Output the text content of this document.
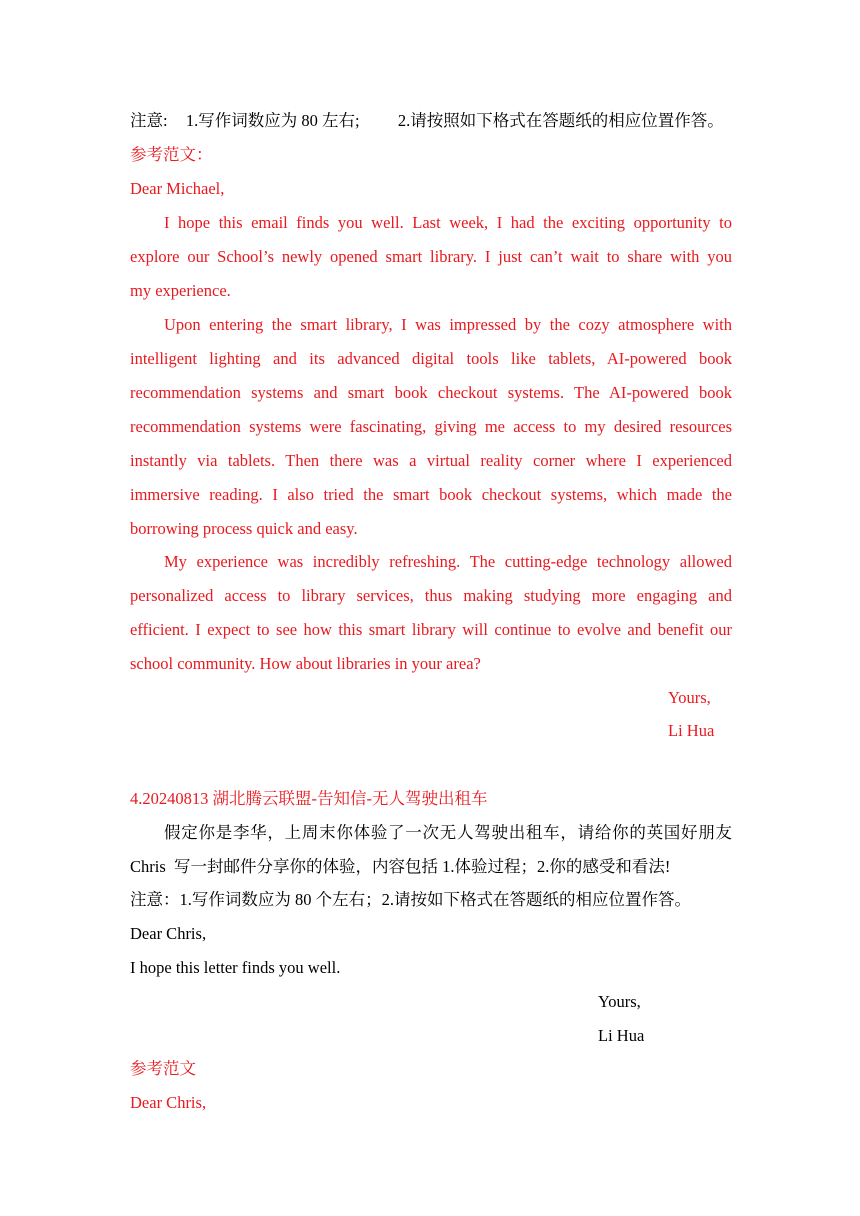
注意: 1.写作词数应为 80 左右; 2.请按照如下格式在答题纸的相应位置作答。
参考范文：
Dear Michael,
I hope this email finds you well. Last week, I had the exciting opportunity to
explore our School’s newly opened smart library. I just can’t wait to share with you
my experience.
Upon entering the smart library, I was impressed by the cozy atmosphere with
intelligent lighting and its advanced digital tools like tablets, AI-powered book
recommendation systems and smart book checkout systems. The AI-powered book
recommendation systems were fascinating, giving me access to my desired resources
instantly via tablets. Then there was a virtual reality corner where I experienced
immersive reading. I also tried the smart book checkout systems, which made the
borrowing process quick and easy.
My experience was incredibly refreshing. The cutting-edge technology allowed
personalized access to library services, thus making studying more engaging and
efficient. I expect to see how this smart library will continue to evolve and benefit our
school community. How about libraries in your area?
Yours,
Li Hua
4.20240813 湖北腾云联盟-告知信-无人驾驶出租车
假定你是李华，上周末你体验了一次无人驾驶出租车，请给你的英国好朋友
Chris  写一封邮件分享你的体验，内容包括 1.体验过程；2.你的感受和看法!
注意：1.写作词数应为 80 个左右；2.请按如下格式在答题纸的相应位置作答。
Dear Chris,
I hope this letter finds you well.
Yours,
Li Hua
参考范文
Dear Chris,
